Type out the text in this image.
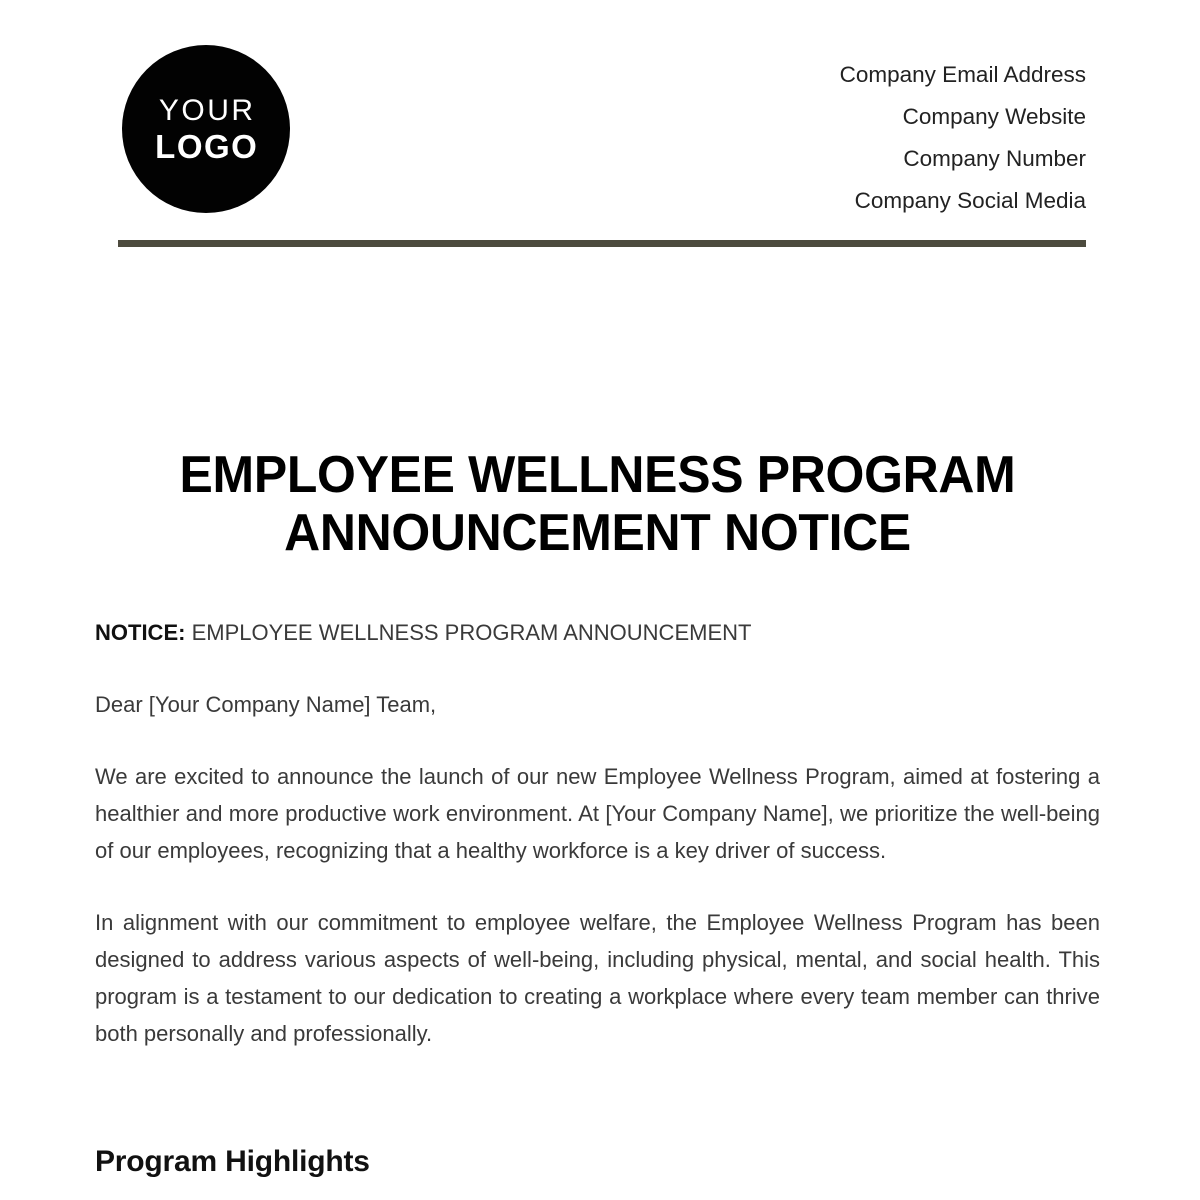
YOUR
LOGO
Company Email Address
Company Website
Company Number
Company Social Media
EMPLOYEE WELLNESS PROGRAM ANNOUNCEMENT NOTICE

NOTICE: EMPLOYEE WELLNESS PROGRAM ANNOUNCEMENT

Dear [Your Company Name] Team,

We are excited to announce the launch of our new Employee Wellness Program, aimed at fostering a healthier and more productive work environment. At [Your Company Name], we prioritize the well-being of our employees, recognizing that a healthy workforce is a key driver of success.

In alignment with our commitment to employee welfare, the Employee Wellness Program has been designed to address various aspects of well-being, including physical, mental, and social health. This program is a testament to our dedication to creating a workplace where every team member can thrive both personally and professionally.

Program Highlights
